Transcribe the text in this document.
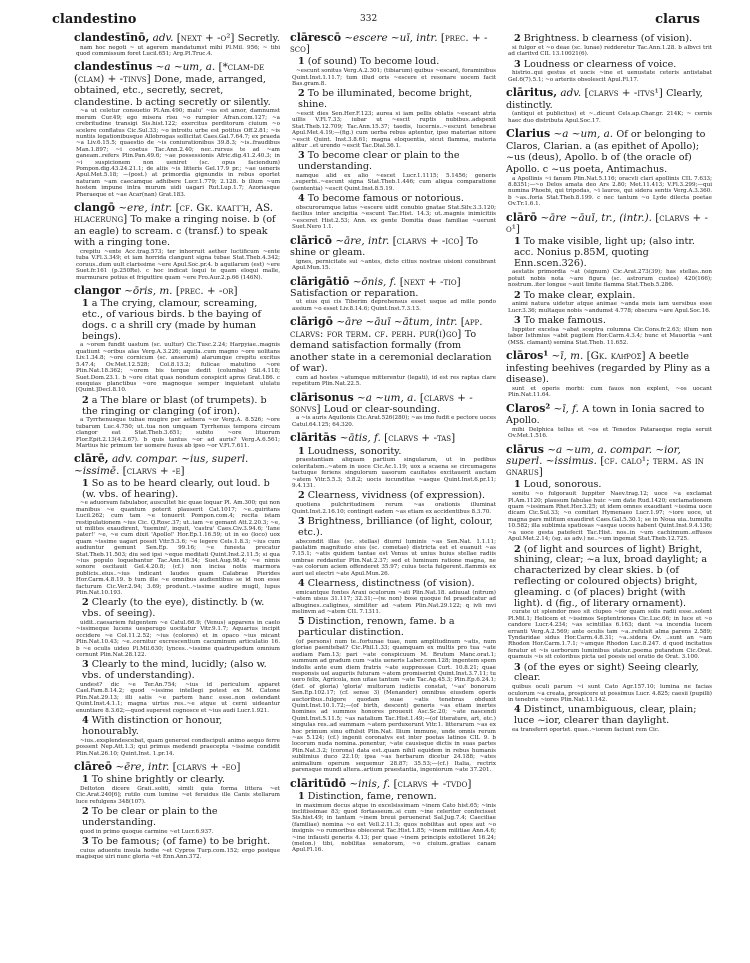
clandestino	332	clarus
clandestīnō, adv. [next + -o²] Secretly.
nam hoc negoti ~ ut agerem mandatumst mihi Pl.Mil. 956; ~ tibi quod commissum foret Lucil.651; Arg.Pl.Truc.4.
clandestīnus ~a ~um, a. [*clam-de (clam) + -tinvs] Done, made, arranged, obtained, etc., secretly, secret, clandestine. b acting secretly or silently.
~a ut celetur consuetio Pl.Am.490; malu' ~us est amor, damnumst merum Cur.49; ego misera risu ~o rumpier Afran.com.127; ~a crebritudine transigi Sis.hist.122; exercitus perditorum ciuium ~o scelere conflatus Cic.Sul.33; ~o introitu urbe est potitus Off.2.81; ~is nuntiis legationibusque Allobrogas sollicitat Caes.Gal.7.64.7; ex praeda ~a Liv.6.15.5; quaestio de ~is coniurationibus 39.8.3; ~is..fraudibus Man.1.897; ~i coetus Tac.Ann.2.40; nec..rursus te ad ~am ganeam..refers Plin.Pan.49.6; ~ae possessionis Afric.dig.41.2.40.3; in ~i suspicionem non ueniret (sc. opus faciendum) Pompon.dig.43.24.21.1; de aliis ~is litteris Gel.17.9 pr.; ~ae ueneris Apul.Met.5.18; —(post.) at primordia gignundis in rebus oportet naturam ~am caecamque adhibere Lucr.1.779; 2.128. b illum ~um hostem impune intra murum uidi uagari Rut.Lup.1.7; Azoriasque Pheraeque et ~ae Acar(nan) Grat.183.
clangō ~ere, intr. [cf. Gk. κλαγγή, AS. hlacerung] To make a ringing noise. b (of an eagle) to scream. c (transf.) to speak with a ringing tone.
crepitu ~ente Acc.trag.573; ter inhorruit aether luctificum ~ente tuba V.Fl.3.349; et iam horrida clangunt signa tubae Stat.Theb.4.342; coruus..dum uult clarissime ~ere Apul.Soc.pr.4. b aquilarum (est) ~ere Suet.fr.161 (p.250Re). c hoc indicat loqui te quam eloqui malle, murmurare potius et friguttire quam ~ere Fro.Aur.2.p.66 (146N).
clangor ~ōris, m. [prec. + -or]
1 a The crying, clamour, screaming, etc., of various birds. b the baying of dogs. c a shrill cry (made by human beings).
a ~orem fundit uastum (sc. uultur) Cic.Tusc.2.24; Harpyiae..magnis quatiunt ~oribus alas Verg.A.3.226; aquila..cum magno ~ore uolitans Liv.1.34.8; ~ore cornicum (sc. anserum) alarumque crepitu excitus 5.47.4; Ov.Met.12.528; Col.8.13.2; fulicae matutino ~ore Plin.Nat.18.362; ~orem bis terque dedit (columba) Sil.4.118; Suet.Dom.23.1. b ~ore citat quas nondum conspicit apros Grat.186. c exequias planctibus ~ore magnoque semper inquietant ululatu [Quint.]Decl.8.10.
2 a The blare or blast (of trumpets). b the ringing or clanging (of iron).
a Tyrrhenusque tubae mugire per aethera ~or Verg.A. 8.526; ~ore tubarum Luc.4.750; ut..tua non umquam Tyrrhenus tempora circum clangor eat Stat.Theb.3.651; subito ~ore lituorum Flor.Epit.2.13(4.2.67). b quis tantus ~or ad auris? Verg.A.6.561; Martius hic primum ter uomere fusus ab ipso ~or V.Fl.7.611.
clārē, adv. compar. ~ius, superl. ~issimē. [clarvs + -e]
1 So as to be heard clearly, out loud. b (w. vbs. of hearing).
~e aduorsum fabulabor, auscultet hic quae loquar Pl. Am.300; qui non manibus ~e quantum poterit plauserit Cat.1017; ~e..quiritans Lucil.262; cum tam ~e tonuerit Pompon.com.4; recita istam restipulationem ~ius Cic. Q.Rosc.37; ut..iam ~e gemant Att.2.20.3; ~e, ut milites exaudirent, 'tuemini', inquit, 'castra' Caes.Civ.3.94.6; 'Iane pater!' ~e, ~e cum dixit 'Apollo!' Hor.Ep.1.16.59; ut in eo (loco) uox quam ~issime uagari possit Vitr.5.3.6; ~e legere Cels.1.8.3; ~ius cum audiuntur gemunt Sen.Ep. 99.16; ~e funesta precatur Stat.Theb.11.503; diu sed ipsi ~eque meditati Quint.Inst.2.11.5; si qua ~ius populo loquebantur Tac.Ann.16.34; Suet.Aug.98.4; ~e nimis sonore oscitauit Gel.4.20.8; (cf.) non incisa notis marmora publicis..eius..~ius indicant laudes quam Calabrae Pierides Hor.Carm.4.8.19. b tum ille ~e omnibus audientibus se id non esse facturum Cic.Ver.2.94; 3.69; produnt..~issime audire mugil, lupus Plin.Nat.10.193.
2 Clearly (to the eye), distinctly. b (w. vbs. of seeing).
uidit..caesariem fulgentem ~e Catul.66.9; (Venus) apparens in caelo ~issimeque lucens uesperugo uocitatur Vitr.9.1.7; Aquarius incipit occidere ~e Col.11.2.52; ~ius (colores) et in opaco ~ius micant Plin.Nat.10.43; ~e..cernitur excrescentium cacuminum articulatio 16. b ~e oculis uideo Pl.Mil.630; lynces..~issime quadrupedum omnium cernunt Plin.Nat.28.122.
3 Clearly to the mind, lucidly; (also w. vbs. of understanding).
undest? dic ~e Ter.An.754; ~ius id periculum apparet Cael.Fam.8.14.2; quod ~issime intellegi potest ex M. Catone Plin.Nat.29.13; illi satis ~e partem hanc esse..non ostendant Quint.Inst.4.1.1; magna uirtus res..~e atque ut cerni uideantur enuntiare 8.3.62;—quod superest cognosce et ~ius audi Lucr.1.921.
4 With distinction or honour, honourably.
~ius..exsplendescebat, quam generosi condiscipuli animo aequo ferre possent Nep.Att.1.3; qui primus medendi praecepta ~issime condidit Plin.Nat.26.10; Quint.Inst. 1.pr.14.
clāreō ~ēre, intr. [clarvs + -eo]
1 To shine brightly or clearly.
Deltoton dicere Graii..soliti, simili quia forma littera ~et Cic.Arat.240[6]; rutilo cum lumine ~et feruidus ille Canis stellarum luce refulgens 348(107).
2 To be clear or plain to the understanding.
quod in primo quoque carmine ~et Lucr.6.937.
3 To be famous; (of fame) to be bright.
cuius aduentu insula hodie ~et Cypros Turp.com.152; ergo postque magisque uiri nunc gloria ~et Enn.Ann.372.
clārescō ~escere ~uī, intr. [prec. + -sco]
1 (of sound) To become loud.
~escunt sonitus Verg.A.2.301; (tibiarum) quibus ~escant, foraminibus Quint.Inst.1.11.7; tum illud oris ~escere et resonare uocem facit Bas.gram.8.
2 To be illuminated, become bright, shine.
~escit dies Sen.Her.F.123; aurea si iam pellis oblatis ~escant atria uillis V.Fl.7.33; iubar ut ~escit ruptis nubibus..adspexit Stat.Theb.12.709; Tac.Ann.15.37; taedis, lucernis..~escunt tenebrae Apul.Met.4.19;—(fig.) cum uerba rebus aptentur, ipso materiae nitore ~escit Quint. Inst.3.8.61; magna eloquentia, sicut flamma, materia alitur ..et urendo ~escit Tac.Dial.36.1.
3 To become clear or plain to the understanding.
namque alid ex alio ~escet Lucr.1.1115; 5.1456; generis ..superbi..~escunt signa Stat.Theb.1.446; cum aliqua comparatione (sententia) ~escit Quint.Inst.8.5.19.
4 To become famous or notorious.
obscurorumque latus ~escere uidit conubio gnatae Stat.Silv.3.3.120; facilius inter ancipitia ~escunt Tac.Hist. 14.3; ut..magnis inimicitiis ~esceret Hist.2.53; Ann. ex gente Domitia duae familiae ~uerunt Suet.Nero 1.1.
clāricō ~āre, intr. [clarvs + -ico] To shine or gleam.
ignes, pernicitate sui ~antes, dicto citius nostrae uisioni conuibrant Apul.Mun.15.
clārigātiō ~ōnis, f. [next + -tio] Satisfaction or reparation.
ut eius qui cis Tiberim deprehensus esset usque ad mille pondo assium ~o esset Liv.8.14.6; Quint.Inst.7.3.13.
clārigō ~āre ~āuī ~ātum, intr. [app. clarvs: for term. cf. perh. pur(i)go] To demand satisfaction formally (from another state in a ceremonial declaration of war).
cum ad hostes ~atumque mitterentur (legati), id est res raptas clare repetitum Plin.Nat.22.5.
clārisonus ~a ~um, a. [clarvs + -sonvs] Loud or clear-sounding.
a ~is auris Aquilonis Cic.Arat.526(280); ~as imo fudit e pectore uoces Catul.64.125; 64.320.
clāritās ~ātis, f. [clarvs + -tas]
1 Loudness, sonority.
praestantiam aliquam partium singularum, ut in pedibus celeritatem..~atem in uoce Cic.Ac.1.19; uox a scaena se circumagens tactuque feriens singulorum uasorum cauitates excitauerit auctam ~atem Vitr.5.5.3; 5.8.2; uocis iucunditas ~asque Quint.Inst.6.pr.11; 9.4.131.
2 Clearness, vividness (of expression).
quotiens pulchritudinem rerum ~as orationis illuminat Quint.Inst.2.16.10; contingit eadem ~as etiam ex accidentibus 8.3.70.
3 Brightness, brilliance (of light, colour, etc.).
abscondit illas (sc. stellas) diurni luminis ~as Sen.Nat. 1.1.11; paulatim magnitudo eius (sc. cometae) districta est et euanuit ~as 7.15.1; ~atis quidem tantae est Venus ut unius huius stellae radiis umbrae reddantur Plin.Nat.2.37; sed et luminum ratione magna, ne ~as colorum aciem offenderet 35.97; cuius tecta fulgerent..flammis ex auri uel electri ~ate Apul.Mun.26.
4 Clearness, distinctness (of vision).
emicantque fontes Araxi oculorum ~ati Plin.Nat.18. adiuuat (nitrum) ~atem uisus 31.117; 32.31;—(w. non) bose quoque fel praedicatur ad albugines..caligines, similiter ad ~atem Plin.Nat.29.122; q ivli mvi melinvm ad ~atem CIL 7.1311.
5 Distinction, renown, fame. b a particular distinction.
(of persons) num te..fortunae tuae, num amplitudinum ~atis, num gloriae paenitebat? Cic.Phil.1.33; quamquam ex multis pro tua ~ate audiam Fam.13; pari ~ate conspicuum M. Brutum Manc.orat.1; summum ad gradum cum ~atis ueneris Laber.com.128; ingentem spem indolis ante eum diem fratris ~ate suppressae Curt. 10.8.21; quae responsis uel auguriis futuram ~atem promiserint Quint.Inst.3.7.11; tu uero felix, Agricola, non uitae tantum ~ate Tac.Ag.45.3; Plin.Ep.6.24.1; (def. of gloria) 'gloria' multorum iudiciis constat, '~as' bonorum Sen.Ep.102.17; (cf. sense 3) (Menander) omnibus eiusdem operis auctoribus..fulgore quodam suae ~atis tenebras obduxit Quint.Inst.10.1.72;—(of birth, descent) generis ~as etiam inertes homines ad summos honores prouexit Asc.Sc.20; ~ate nascendi Quint.Inst.5.11.5; ~as natalium Tac.Hist.1.49;—(of literature, art, etc.) singulas res..ad summam ~atem perduxerunt Vitr.1. litterarum ~as ex hoc primum sinu effulsit Plin.Nat. Ilium immune, unde omnis rerum ~as 5.124; (cf.) ingenii coronatvs est inter poetas latinos CIL 9. b locorum nuda nomina..ponentur, ~ate causisque dictis in suas partes Plin.Nat.3.2; (corona) data est..quam nihil equidem in rebus humanis sublimius duco 22.10; ipsa ~as herbarum dicetur 24.188; ~ates animalium operum sequemur 28.87; 35.53;—(cf.) Italia, rectrix parensque mundi altera..artium praestantia, ingeniorum ~ate 37.201.
clāritūdō ~inis, f. [clarvs + -tvdo]
1 Distinction, fame, renown.
in maximum decus atque in excelsissimam ~inem Cato hist.65; ~inis inclitissimae 83; quod fortasseum..si cum ~ine celeriter confecisset Sis.hist.49; in tantam ~inem breui peruenerat Sal.Jug.7.4; Caeciliae (familiae) nomina ~o est Vell.2.11.3; quos nobilitas aut opes aut ~o insignis ~o rumoribus obiecerat Tac.Hist.1.85; ~inem militiae Ann.4.6; ~ine infausti generis 4.13; per quae ~inem principis extolleret 16.24; (melon.) tibi, nobilitas senatorum, ~o ciuium..gratias canam Apul.Fl.16.
2 Brightness. b clearness (of vision).
si fulgor et ~o deae (sc. lunae) redderetur Tac.Ann.1.28. b albvci trit ad claritvd CIL 13.10021(6).
3 Loudness or clearness of voice.
histrio..qui gestus et uocis ~ine et uenustate ceteris antistabat Gel.6(7).5.1; ~o arteriis obsolescit Apul.Fl.17.
clāritus, adv. [clarvs + -itvs¹] Clearly, distinctly.
(antiqui et publicitus) et ~..dicunt Cels.ap.Char.gr. 214K; ~ cernis haec duo distributa Apul.Soc.17.
Clarius ~a ~um, a. Of or belonging to Claros, Clarian. a (as epithet of Apollo); ~us (deus), Apollo. b of (the oracle of) Apollo. c ~us poeta, Antimachus.
a Apollinis ~i fanum Plin.Nat.5.116; oracvli clari apollinis CIL 7.633; 8.8351;—~o Delos amata deo Ars 2.80; Met.11.413; V.Fl.3.299;—qui numina Phoebi, qui tripodas, ~i lauros, qui sidera sentis Verg.A.3.360. b ~as..foria Stat.Theb.8.199. c nec tantum ~o Lyde dilecta poetae Ov.Tr.1.6.1.
clārō ~āre ~āuī, tr., (intr.). [clarvs + -o¹]
1 To make visible, light up; (also intr. acc. Nonius p.85M, quoting Enn.scen.326).
aestatis primordia ~at (signum) Cic.Arat.273(39); has stellas..non potuit nobis nota ~are figura (sc. astrorum custos) 420(166); nostrum..iter longue ~auit limite flamma Stat.Theb.5.286.
2 To make clear, explain.
animi natura uidetur atque animae ~anda meis iam uersibus esse Lucr.3.36; multaque nobis ~andumst 4.778; obscura ~are Apul.Soc.16.
3 To make famous.
Iuppiter excelsa ~abat sceptra columna Cic.Cons.fr.2.63; illum non labor Isthmius ~abit pugilem Hor.Carm.4.3.4; hunc et Mauortia ~ant (MSS. clamant) semina Stat.Theb. 11.652.
clāros¹ ~ī, m. [Gk. κλῆρος] A beetle infesting beehives (regarded by Pliny as a disease).
sunt et operis morbi: cum fauos non explent, ~os uocant Plin.Nat.11.64.
Claros² ~ī, f. A town in Ionia sacred to Apollo.
mihi Delphica tellus et ~os et Tenedos Pataraeque regia seruit Ov.Met.1.516.
clārus ~a ~um, a. compar. ~ior, superl. ~issimus. [cf. calo¹; term. as in gnarus]
1 Loud, sonorous.
sonitu ~o fulgorauit Iuppiter Naev.trag.12; uoce ~a exclamat Pl.Am.1120; plausum fabulae huic ~um date Rud.1420; exclamationem quam ~issimam Rhet.Her.3.25; ut idem omnes exaudiant ~issima uoce dicam Cic.Sul.33; ~o comitari Hymenaeo Lucr.1.97; ~iore uoce, ut magna pars militum exaudiret Caes.Gal.5.30.1; se in Noua uia..tumultu 10.582; illa sublimia spatiosas ~asque uoces habent Quint.Inst.9.4.136; ~a uoce gesta patefecit Tac.Hist. nos..in ~um cachinnum..effusos Apul.Met.2.14; (sg. as adv.) ne..~um ingemat Stat.Theb.12.725.
2 (of light and sources of light) Bright, shining, clear; ~a lux, broad daylight; a characterized by clear skies. b (of reflecting or coloured objects) bright, gleaming. c (of places) bright (with light). d (fig., of literary ornament).
curate ut splendor meo sit clupeo ~ior quam solis radii esse..solent Pl.Mil.1; Helicem et ~issimos Septentriones Cic.Luc.66; in luce et ~o candore Lucr.4.234; ~as scintillas 6.163; dant ~a incendia lucem erranti Verg.A.2.569; ante oculis tam ~a..refulsit alma parens 2.589; Tyndaridae sidus Hor.Carm.4.8.31; ~a..sidera Ov. ..sunt an ~am Rhodon Hor.Carm.1.7.1; ~amque Rhodon Luc.8.247. d quod incitatius feratur et ~is uerborum luminibus utatur..poema putandum Cic.Orat. quamuis ~is sit coloribus picta uel poesis uel oratio de Orat. 3.100.
3 (of the eyes or sight) Seeing clearly, clear.
quibus oculi parum ~i sunt Cato Agr.157.10; lumina ne facias oculorum ~a creata, prospicere ut possimus Lucr. 4.825; caesii (pupilli) in tenebris ~iores Plin.Nat.11.142.
4 Distinct, unambiguous, clear, plain; luce ~ior, clearer than daylight.
ea transferri oportet. quae..~iorem faciunt rem Cic.
